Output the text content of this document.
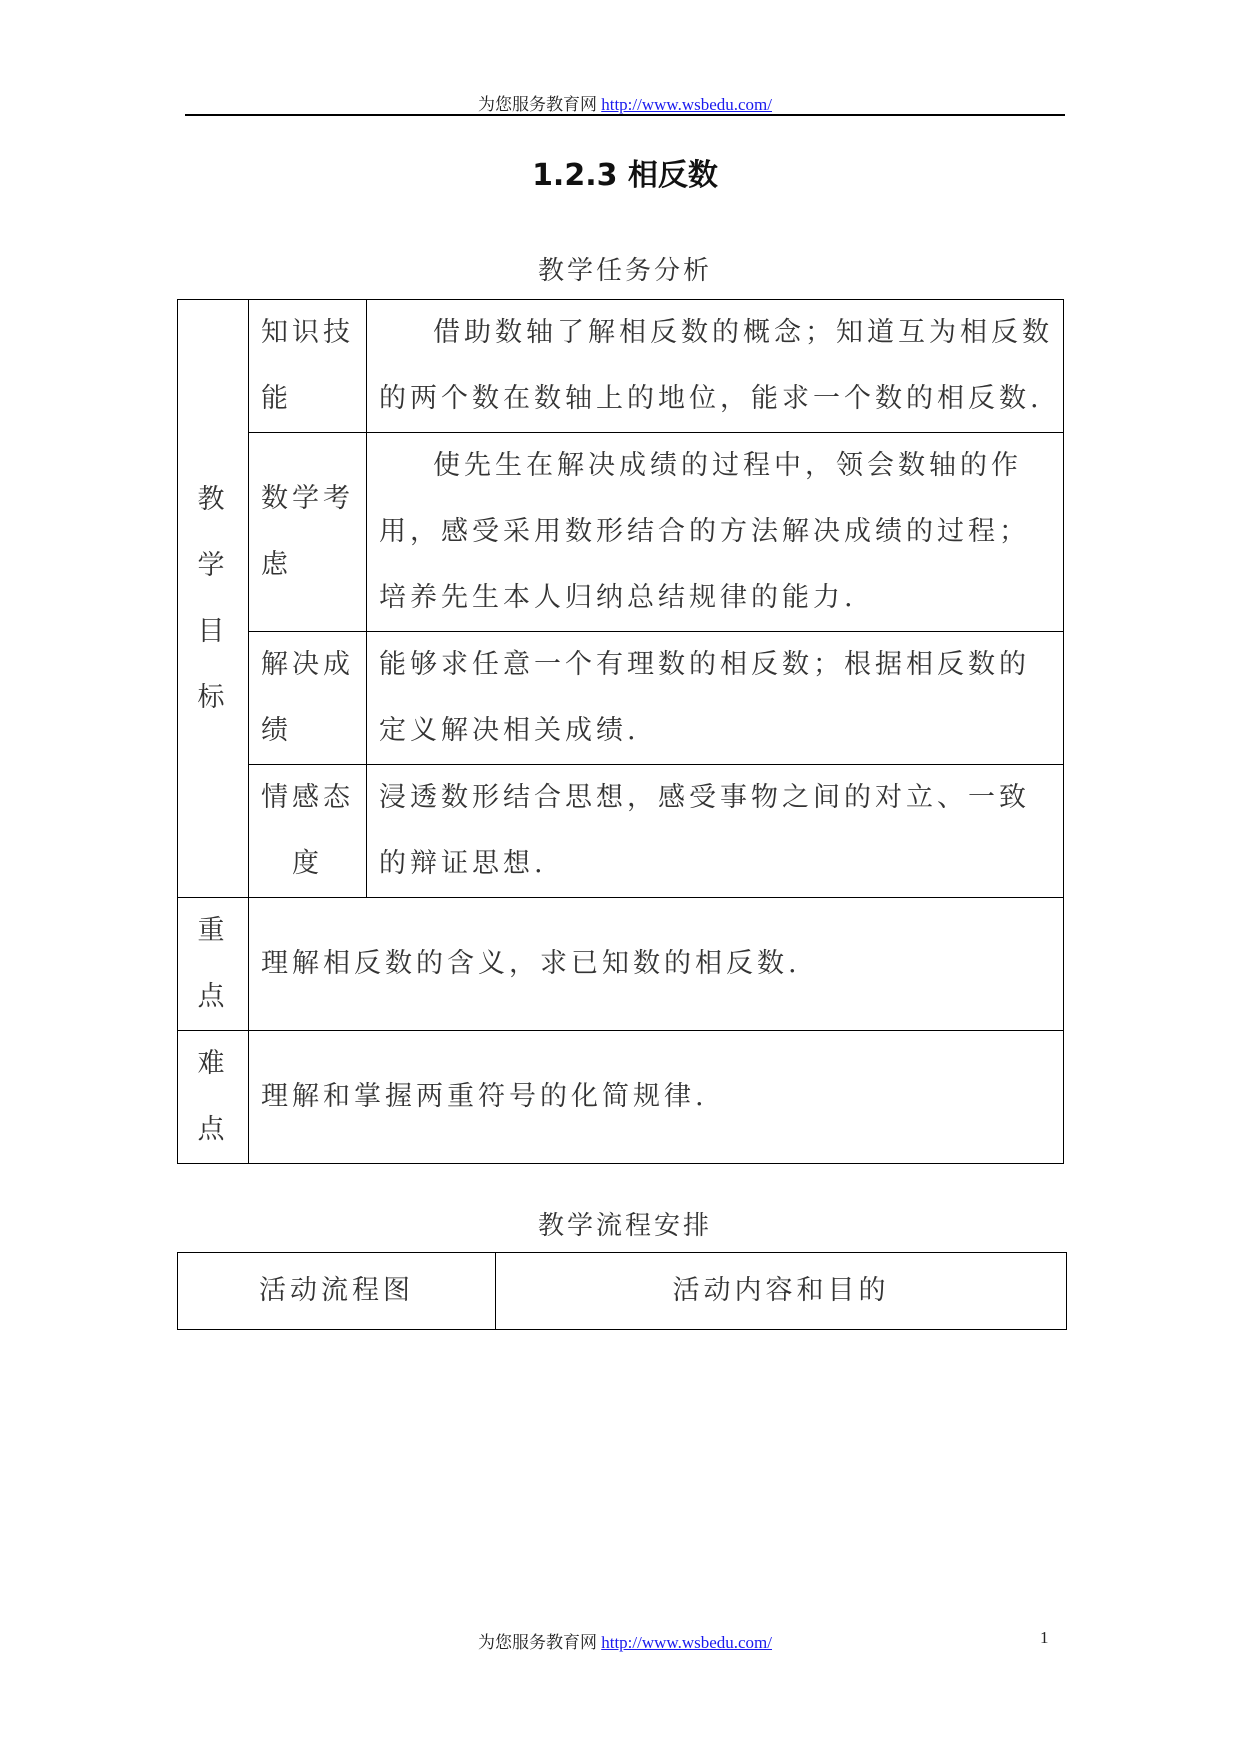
为您服务教育网 http://www.wsbedu.com/
1.2.3 相反数
教学任务分析
教
学
目
标	知识技能	借助数轴了解相反数的概念；知道互为相反数的两个数在数轴上的地位，能求一个数的相反数.
	数学考虑	使先生在解决成绩的过程中，领会数轴的作用，感受采用数形结合的方法解决成绩的过程；培养先生本人归纳总结规律的能力.
	解决成绩	能够求任意一个有理数的相反数；根据相反数的定义解决相关成绩.
	情感态度	浸透数形结合思想，感受事物之间的对立、一致的辩证思想.

重
点	理解相反数的含义，求已知数的相反数.	

难
点	理解和掌握两重符号的化简规律.	
教学流程安排
活动流程图	活动内容和目的
为您服务教育网 http://www.wsbedu.com/	1
